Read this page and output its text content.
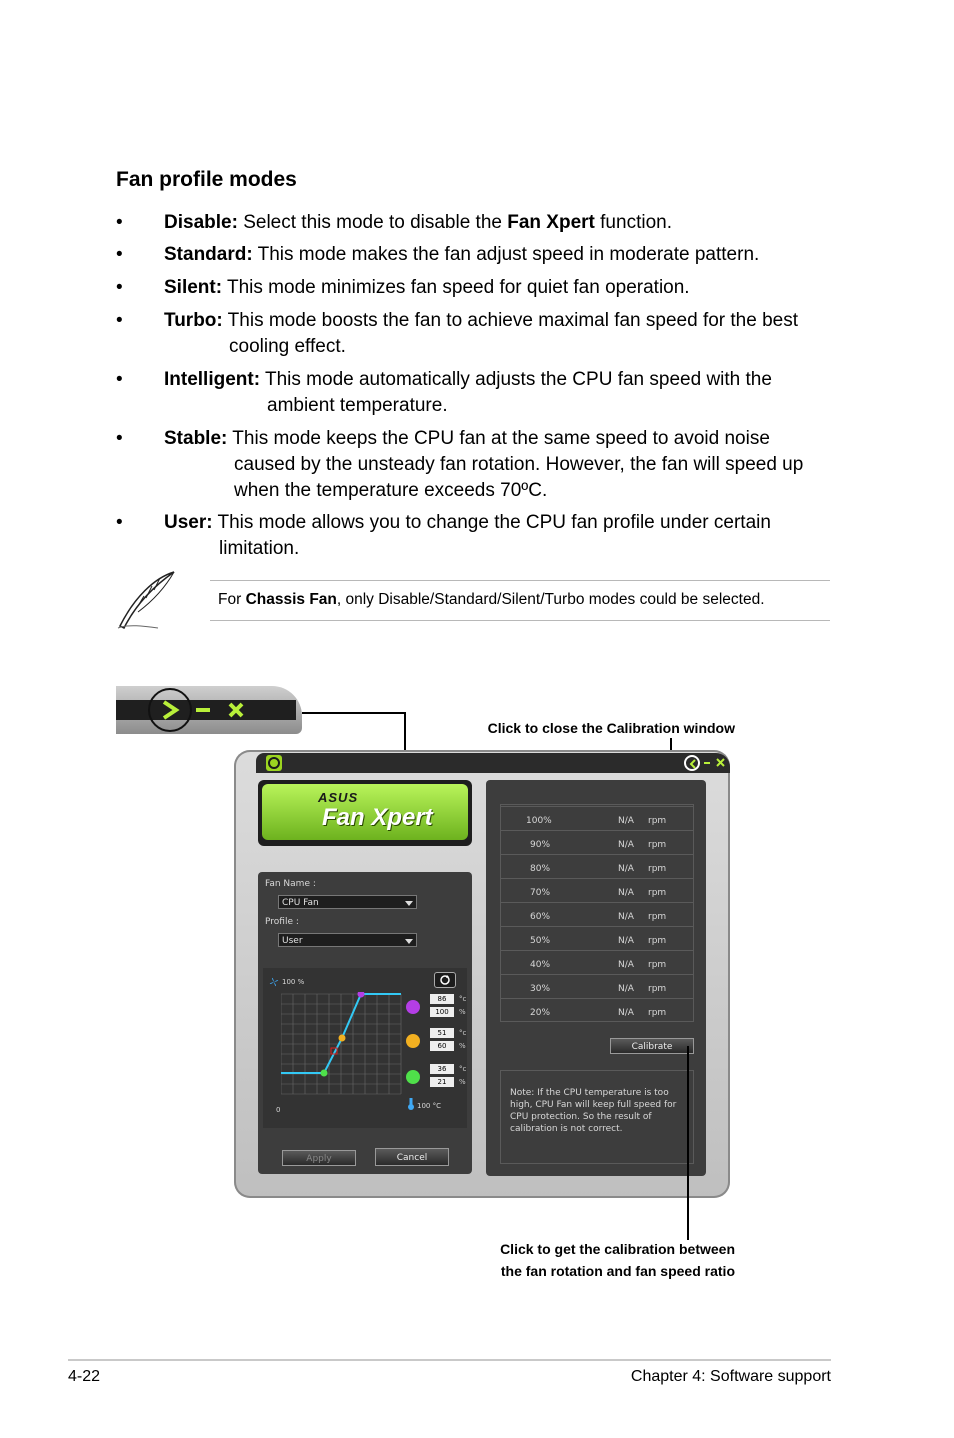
Fan profile modes
• Disable: Select this mode to disable the Fan Xpert function.
• Standard: This mode makes the fan adjust speed in moderate pattern.
• Silent: This mode minimizes fan speed for quiet fan operation.
• Turbo: This mode boosts the fan to achieve maximal fan speed for the best
cooling effect.
• Intelligent: This mode automatically adjusts the CPU fan speed with the
ambient temperature.
• Stable: This mode keeps the CPU fan at the same speed to avoid noise
caused by the unsteady fan rotation. However, the fan will speed up
when the temperature exceeds 70ºC.
• User: This mode allows you to change the CPU fan profile under certain
limitation.
For Chassis Fan, only Disable/Standard/Silent/Turbo modes could be selected.
Click to close the Calibration window
ASUS
Fan Xpert
Fan Name :
CPU Fan
Profile :
User
100 %
0	100 °C
86
100
°c
%
51
60
°c
%
36
21
°c
%
Apply	Cancel
100%	N/A rpm
90%	N/A rpm
80%	N/A rpm
70%	N/A rpm
60%	N/A rpm
50%	N/A rpm
40%	N/A rpm
30%	N/A rpm
20%	N/A rpm
Calibrate
Note: If the CPU temperature is too high, CPU Fan will keep full speed for CPU protection. So the result of calibration is not correct.
Click to get the calibration between
the fan rotation and fan speed ratio
4-22	Chapter 4: Software support
